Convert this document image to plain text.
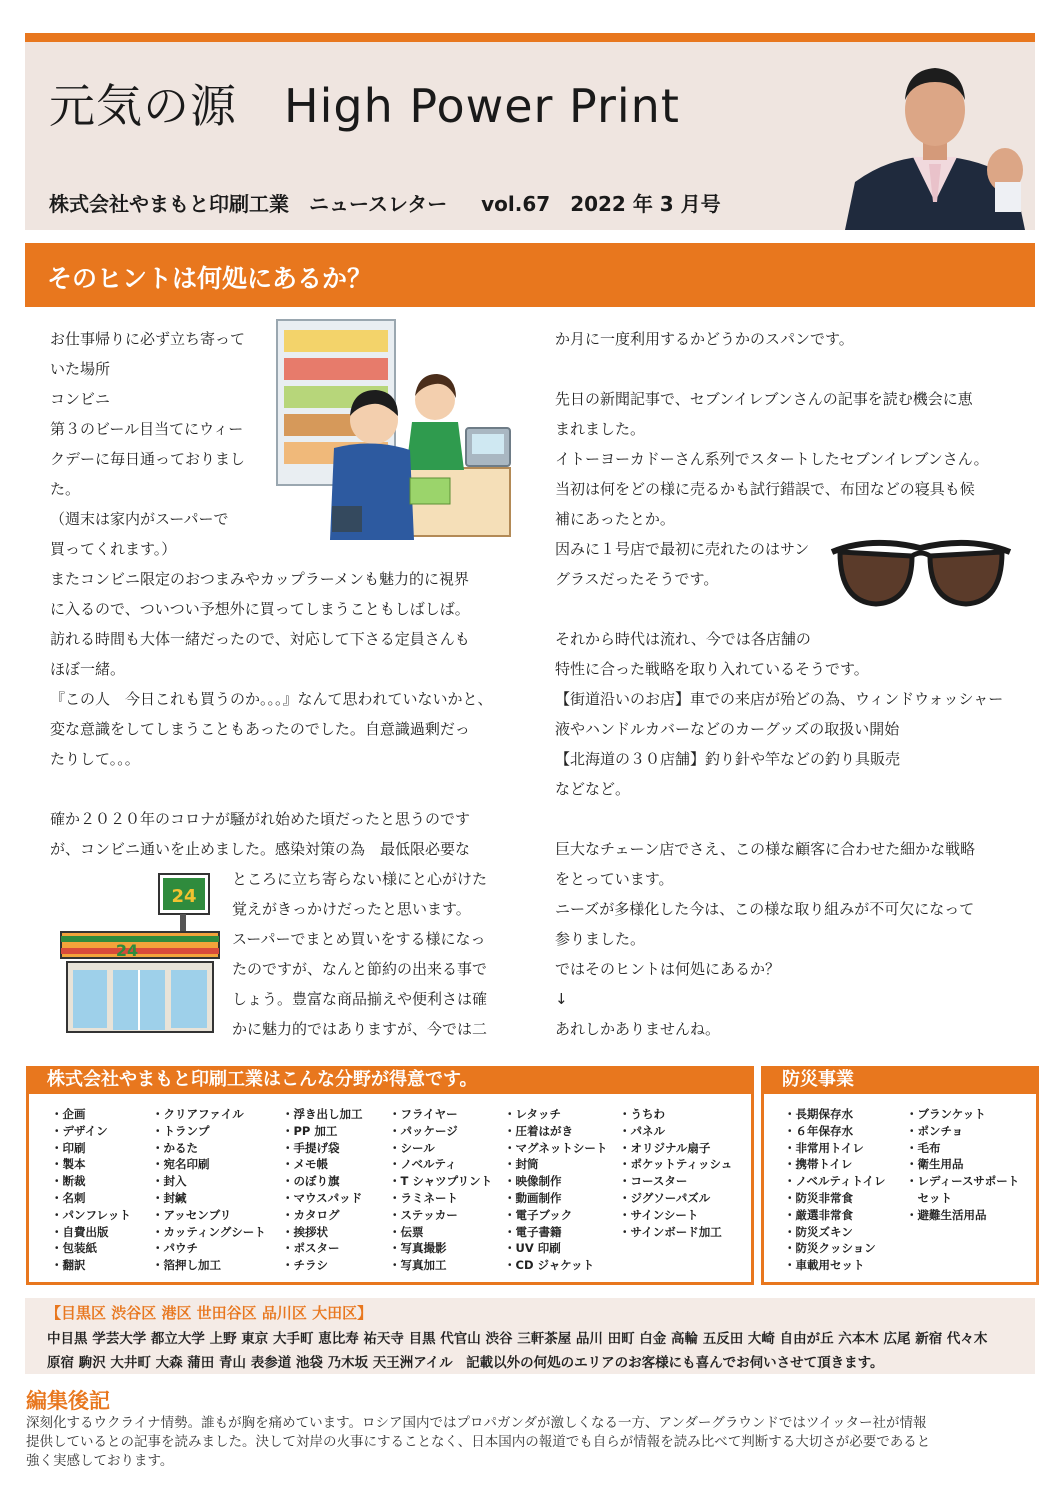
元気の源　High Power Print
株式会社やまもと印刷工業　ニュースレター　  vol.67　2022 年 3 月号
そのヒントは何処にあるか？
お仕事帰りに必ず立ち寄って
いた場所
コンビニ
第３のビール目当てにウィー
クデーに毎日通っておりまし
た。
（週末は家内がスーパーで
買ってくれます。）
またコンビニ限定のおつまみやカップラーメンも魅力的に視界
に入るので、ついつい予想外に買ってしまうこともしばしば。
訪れる時間も大体一緒だったので、対応して下さる定員さんも
ほぼ一緒。
『この人　今日これも買うのか。。。』なんて思われていないかと、
変な意識をしてしまうこともあったのでした。自意識過剰だっ
たりして。。。
確か２０２０年のコロナが騒がれ始めた頃だったと思うのです
が、コンビニ通いを止めました。感染対策の為　最低限必要な
ところに立ち寄らない様にと心がけた
覚えがきっかけだったと思います。
スーパーでまとめ買いをする様になっ
たのですが、なんと節約の出来る事で
しょう。豊富な商品揃えや便利さは確
かに魅力的ではありますが、今では二
か月に一度利用するかどうかのスパンです。
先日の新聞記事で、セブンイレブンさんの記事を読む機会に恵
まれました。
イトーヨーカドーさん系列でスタートしたセブンイレブンさん。
当初は何をどの様に売るかも試行錯誤で、布団などの寝具も候
補にあったとか。
因みに１号店で最初に売れたのはサン
グラスだったそうです。
それから時代は流れ、今では各店舗の
特性に合った戦略を取り入れているそうです。
【街道沿いのお店】車での来店が殆どの為、ウィンドウォッシャー
液やハンドルカバーなどのカーグッズの取扱い開始
【北海道の３０店舗】釣り針や竿などの釣り具販売
などなど。
巨大なチェーン店でさえ、この様な顧客に合わせた細かな戦略
をとっています。
ニーズが多様化した今は、この様な取り組みが不可欠になって
参りました。
ではそのヒントは何処にあるか？
↓
あれしかありませんね。
24
24
株式会社やまもと印刷工業はこんな分野が得意です。
・企画
・デザイン
・印刷
・製本
・断裁
・名刺
・パンフレット
・自費出版
・包装紙
・翻訳
・クリアファイル
・トランプ
・かるた
・宛名印刷
・封入
・封緘
・アッセンブリ
・カッティングシート
・パウチ
・箔押し加工
・浮き出し加工
・PP 加工
・手提げ袋
・メモ帳
・のぼり旗
・マウスパッド
・カタログ
・挨拶状
・ポスター
・チラシ
・フライヤー
・パッケージ
・シール
・ノベルティ
・T シャツプリント
・ラミネート
・ステッカー
・伝票
・写真撮影
・写真加工
・レタッチ
・圧着はがき
・マグネットシート
・封筒
・映像制作
・動画制作
・電子ブック
・電子書籍
・UV 印刷
・CD ジャケット
・うちわ
・パネル
・オリジナル扇子
・ポケットティッシュ
・コースター
・ジグソーパズル
・サインシート
・サインボード加工
防災事業
・長期保存水
・６年保存水
・非常用トイレ
・携帯トイレ
・ノベルティトイレ
・防災非常食
・厳選非常食
・防災ズキン
・防災クッション
・車載用セット
・ブランケット
・ポンチョ
・毛布
・衛生用品
・レディースサポート
　セット
・避難生活用品
【目黒区 渋谷区 港区 世田谷区 品川区 大田区】
中目黒 学芸大学 都立大学 上野 東京 大手町 恵比寿 祐天寺 目黒 代官山 渋谷 三軒茶屋 品川 田町 白金 高輪 五反田 大崎 自由が丘 六本木 広尾 新宿 代々木
原宿 駒沢 大井町 大森 蒲田 青山 表参道 池袋 乃木坂 天王洲アイル　記載以外の何処のエリアのお客様にも喜んでお伺いさせて頂きます。
編集後記
深刻化するウクライナ情勢。誰もが胸を痛めています。ロシア国内ではプロパガンダが激しくなる一方、アンダーグラウンドではツイッター社が情報
提供しているとの記事を読みました。決して対岸の火事にすることなく、日本国内の報道でも自らが情報を読み比べて判断する大切さが必要であると
強く実感しております。
